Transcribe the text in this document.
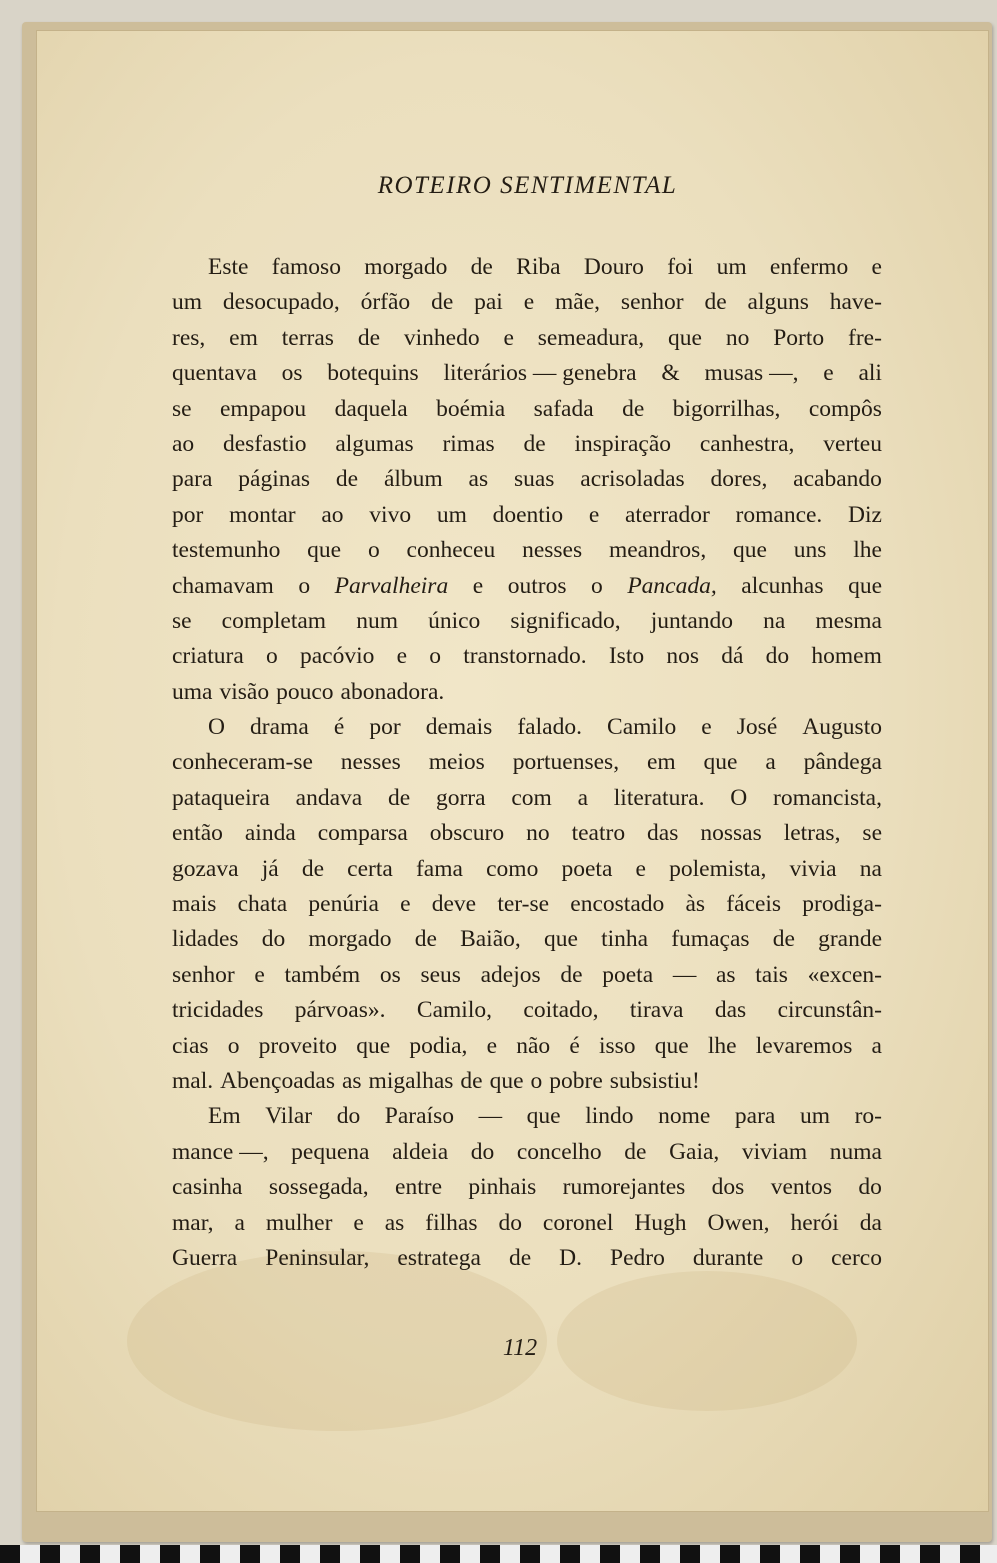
ROTEIRO SENTIMENTAL
Este famoso morgado de Riba Douro foi um enfermo e
um desocupado, órfão de pai e mãe, senhor de alguns have-
res, em terras de vinhedo e semeadura, que no Porto fre-
quentava os botequins literários — genebra & musas —, e ali
se empapou daquela boémia safada de bigorrilhas, compôs
ao desfastio algumas rimas de inspiração canhestra, verteu
para páginas de álbum as suas acrisoladas dores, acabando
por montar ao vivo um doentio e aterrador romance. Diz
testemunho que o conheceu nesses meandros, que uns lhe
chamavam o Parvalheira e outros o Pancada, alcunhas que
se completam num único significado, juntando na mesma
criatura o pacóvio e o transtornado. Isto nos dá do homem
uma visão pouco abonadora.
O drama é por demais falado. Camilo e José Augusto
conheceram-se nesses meios portuenses, em que a pândega
pataqueira andava de gorra com a literatura. O romancista,
então ainda comparsa obscuro no teatro das nossas letras, se
gozava já de certa fama como poeta e polemista, vivia na
mais chata penúria e deve ter-se encostado às fáceis prodiga-
lidades do morgado de Baião, que tinha fumaças de grande
senhor e também os seus adejos de poeta — as tais «excen-
tricidades párvoas». Camilo, coitado, tirava das circunstân-
cias o proveito que podia, e não é isso que lhe levaremos a
mal. Abençoadas as migalhas de que o pobre subsistiu!
Em Vilar do Paraíso — que lindo nome para um ro-
mance —, pequena aldeia do concelho de Gaia, viviam numa
casinha sossegada, entre pinhais rumorejantes dos ventos do
mar, a mulher e as filhas do coronel Hugh Owen, herói da
Guerra Peninsular, estratega de D. Pedro durante o cerco
112
